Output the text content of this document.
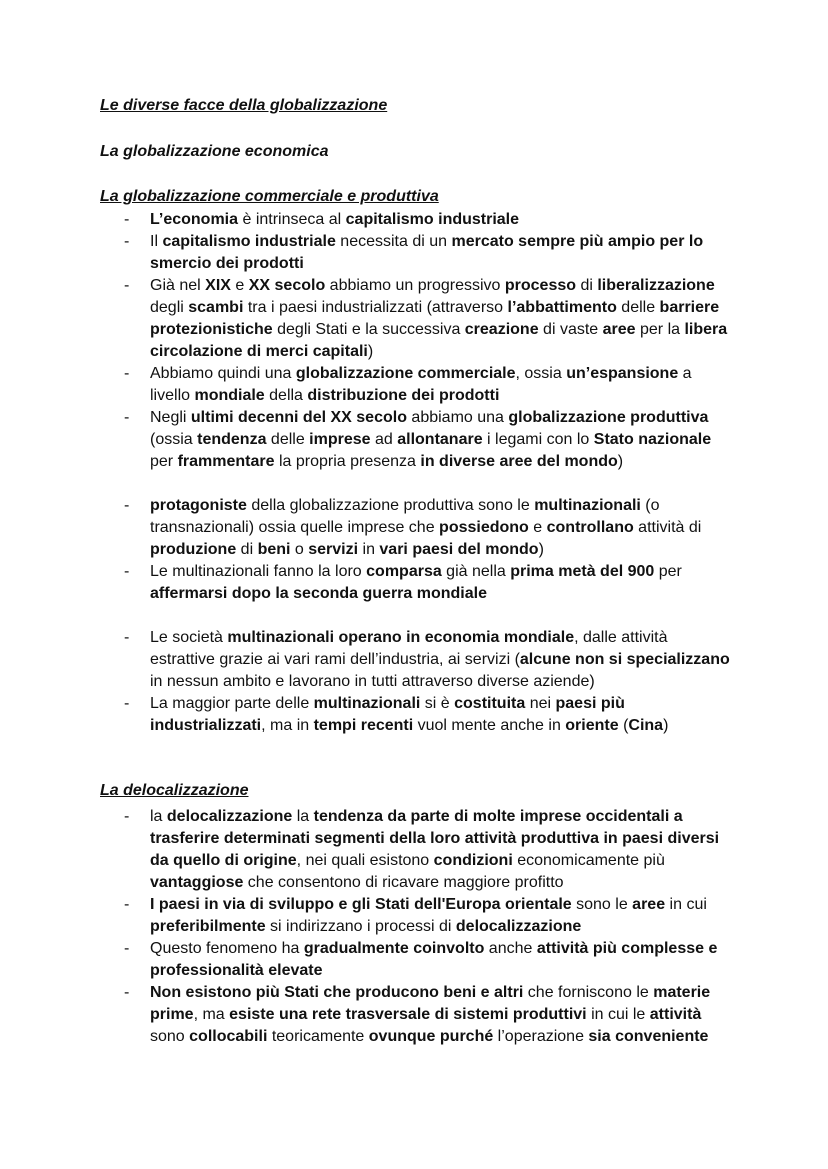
Le diverse facce della globalizzazione
La globalizzazione economica
La globalizzazione commerciale e produttiva
- L’economia è intrinseca al capitalismo industriale
- Il capitalismo industriale necessita di un mercato sempre più ampio per lo smercio dei prodotti
- Già nel XIX e XX secolo abbiamo un progressivo processo di liberalizzazione degli scambi tra i paesi industrializzati (attraverso l’abbattimento delle barriere protezionistiche degli Stati e la successiva creazione di vaste aree per la libera circolazione di merci capitali)
- Abbiamo quindi una globalizzazione commerciale, ossia un’espansione a livello mondiale della distribuzione dei prodotti
- Negli ultimi decenni del XX secolo abbiamo una globalizzazione produttiva (ossia tendenza delle imprese ad allontanare i legami con lo Stato nazionale per frammentare la propria presenza in diverse aree del mondo)
- protagoniste della globalizzazione produttiva sono le multinazionali (o transnazionali) ossia quelle imprese che possiedono e controllano attività di produzione di beni o servizi in vari paesi del mondo)
- Le multinazionali fanno la loro comparsa già nella prima metà del 900 per affermarsi dopo la seconda guerra mondiale
- Le società multinazionali operano in economia mondiale, dalle attività estrattive grazie ai vari rami dell’industria, ai servizi (alcune non si specializzano in nessun ambito e lavorano in tutti attraverso diverse aziende)
- La maggior parte delle multinazionali si è costituita nei paesi più industrializzati, ma in tempi recenti vuol mente anche in oriente (Cina)
La delocalizzazione
- la delocalizzazione la tendenza da parte di molte imprese occidentali a trasferire determinati segmenti della loro attività produttiva in paesi diversi da quello di origine, nei quali esistono condizioni economicamente più vantaggiose che consentono di ricavare maggiore profitto
- I paesi in via di sviluppo e gli Stati dell'Europa orientale sono le aree in cui preferibilmente si indirizzano i processi di delocalizzazione
- Questo fenomeno ha gradualmente coinvolto anche attività più complesse e professionalità elevate
- Non esistono più Stati che producono beni e altri che forniscono le materie prime, ma esiste una rete trasversale di sistemi produttivi in cui le attività sono collocabili teoricamente ovunque purché l’operazione sia conveniente
